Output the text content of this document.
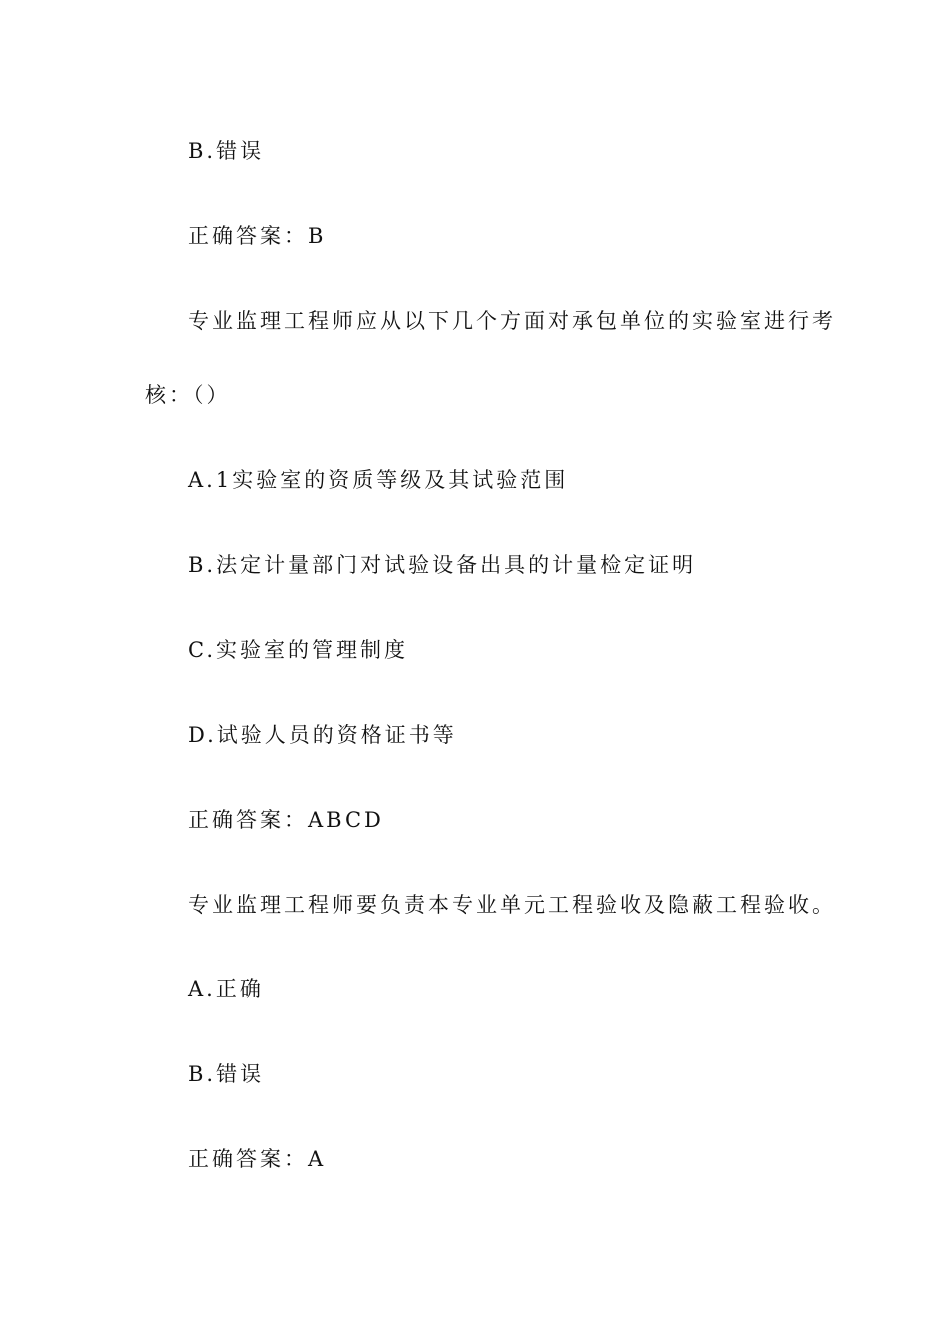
B.错误
正确答案：B
专业监理工程师应从以下几个方面对承包单位的实验室进行考
核：（）
A.1实验室的资质等级及其试验范围
B.法定计量部门对试验设备出具的计量检定证明
C.实验室的管理制度
D.试验人员的资格证书等
正确答案：ABCD
专业监理工程师要负责本专业单元工程验收及隐蔽工程验收。
A.正确
B.错误
正确答案：A
